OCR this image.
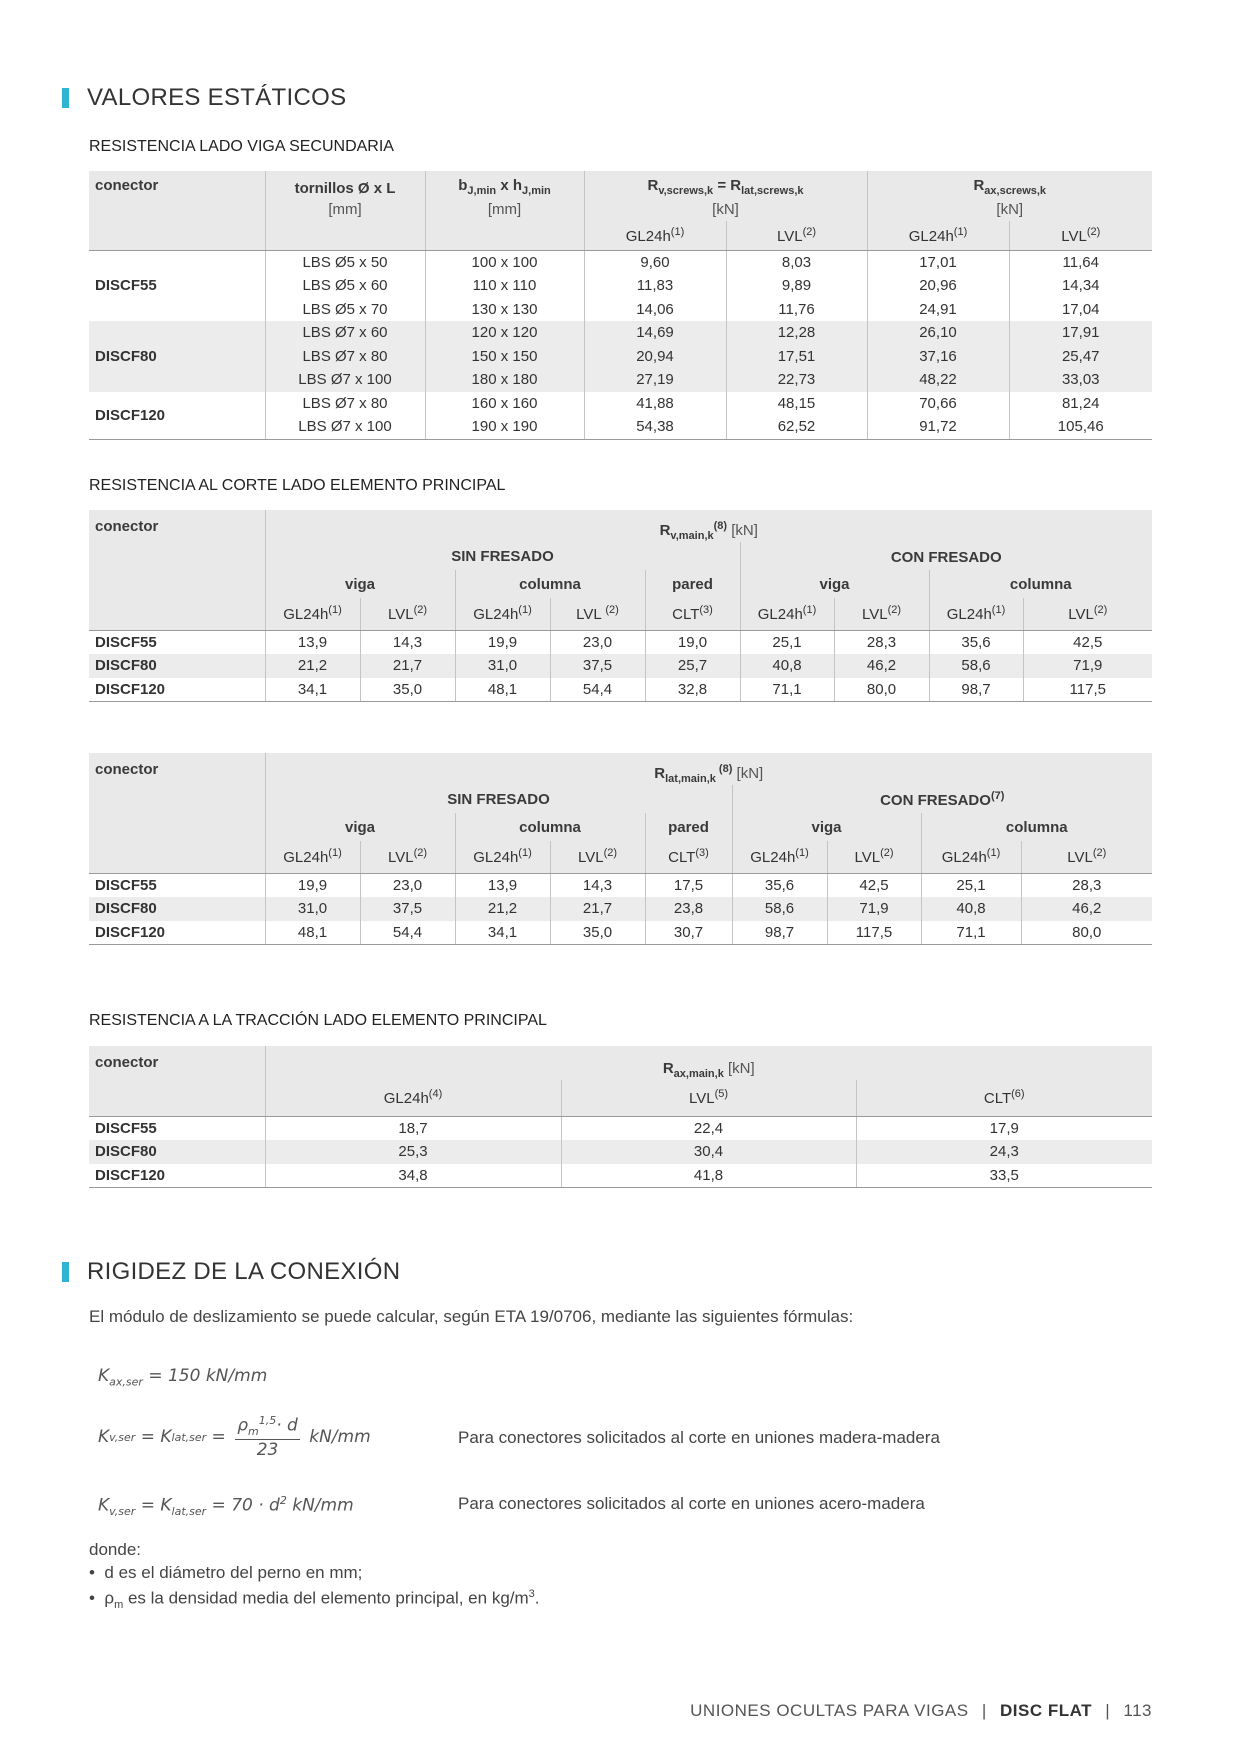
VALORES ESTÁTICOS
RESISTENCIA LADO VIGA SECUNDARIA
conector	tornillos Ø x L	$b_{J,min}$ x $h_{J,min}$	$R_{v,screws,k} = R_{lat,screws,k}$		$R_{ax,screws,k}$
	[mm]	[mm]	[kN]		[kN]	
			$GL24h^{(1)}$	LVL$^{(2)}$	$GL24h^{(1)}$	LVL$^{(2)}$
DISCF55	LBS Ø5 x 50	100 x 100	9,60	8,03	17,01	11,64
	LBS Ø5 x 60	110 x 110	11,83	9,89	20,96	14,34
	LBS Ø5 x 70	130 x 130	14,06	11,76	24,91	17,04
DISCF80	LBS Ø7 x 60	120 x 120	14,69	12,28	26,10	17,91
	LBS Ø7 x 80	150 x 150	20,94	17,51	37,16	25,47
	LBS Ø7 x 100	180 x 180	27,19	22,73	48,22	33,03
DISCF120	LBS Ø7 x 80	160 x 160	41,88	48,15	70,66	81,24
	LBS Ø7 x 100	190 x 190	54,38	62,52	91,72	105,46
RESISTENCIA AL CORTE LADO ELEMENTO PRINCIPAL
conector	$R_{v,main,k}^{(8)}$ [kN]								
	SIN FRESADO					CON FRESADO			
	viga		columna		pared	viga		columna	
	$GL24h^{(1)}$	LVL$^{(2)}$	$GL24h^{(1)}$	LVL $^{(2)}$	CLT$^{(3)}$	$GL24h^{(1)}$	LVL$^{(2)}$	$GL24h^{(1)}$	LVL$^{(2)}$
DISCF55	13,9	14,3	19,9	23,0	19,0	25,1	28,3	35,6	42,5
DISCF80	21,2	21,7	31,0	37,5	25,7	40,8	46,2	58,6	71,9
DISCF120	34,1	35,0	48,1	54,4	32,8	71,1	80,0	98,7	117,5
conector	$R_{lat,main,k}$ $^{(8)}$ [kN]								
	SIN FRESADO					CON FRESADO$^{(7)}$
	viga		columna		pared	viga		columna	
	$GL24h^{(1)}$	LVL$^{(2)}$	$GL24h^{(1)}$	LVL$^{(2)}$	CLT$^{(3)}$	$GL24h^{(1)}$	LVL$^{(2)}$	$GL24h^{(1)}$	LVL$^{(2)}$
DISCF55	19,9	23,0	13,9	14,3	17,5	35,6	42,5	25,1	28,3
DISCF80	31,0	37,5	21,2	21,7	23,8	58,6	71,9	40,8	46,2
DISCF120	48,1	54,4	34,1	35,0	30,7	98,7	117,5	71,1	80,0
RESISTENCIA A LA TRACCIÓN LADO ELEMENTO PRINCIPAL
conector	$R_{ax,main,k}$ [kN]		
	$GL24h^{(4)}$	LVL$^{(5)}$	CLT$^{(6)}$
DISCF55	18,7	22,4	17,9
DISCF80	25,3	30,4	24,3
DISCF120	34,8	41,8	33,5
RIGIDEZ DE LA CONEXIÓN
El módulo de deslizamiento se puede calcular, según ETA 19/0706, mediante las siguientes fórmulas:
$K_{ax,ser} = 150$ kN/mm
K v,ser = K $lat,ser = \frac{\rho_m^{1,5}\cdot d}{23} kN/mm$	Para conectores solicitados al corte en uniones madera-madera
$K_{v,ser} = K_{lat,ser} = 70 \cdot d^2$ kN/mm	Para conectores solicitados al corte en uniones acero-madera
donde:
•  d es el diámetro del perno en mm;
•  $\rho_m$ es la densidad media del elemento principal, en $kg/m^3$.
UNIONES OCULTAS PARA VIGAS | DISC FLAT | 113
